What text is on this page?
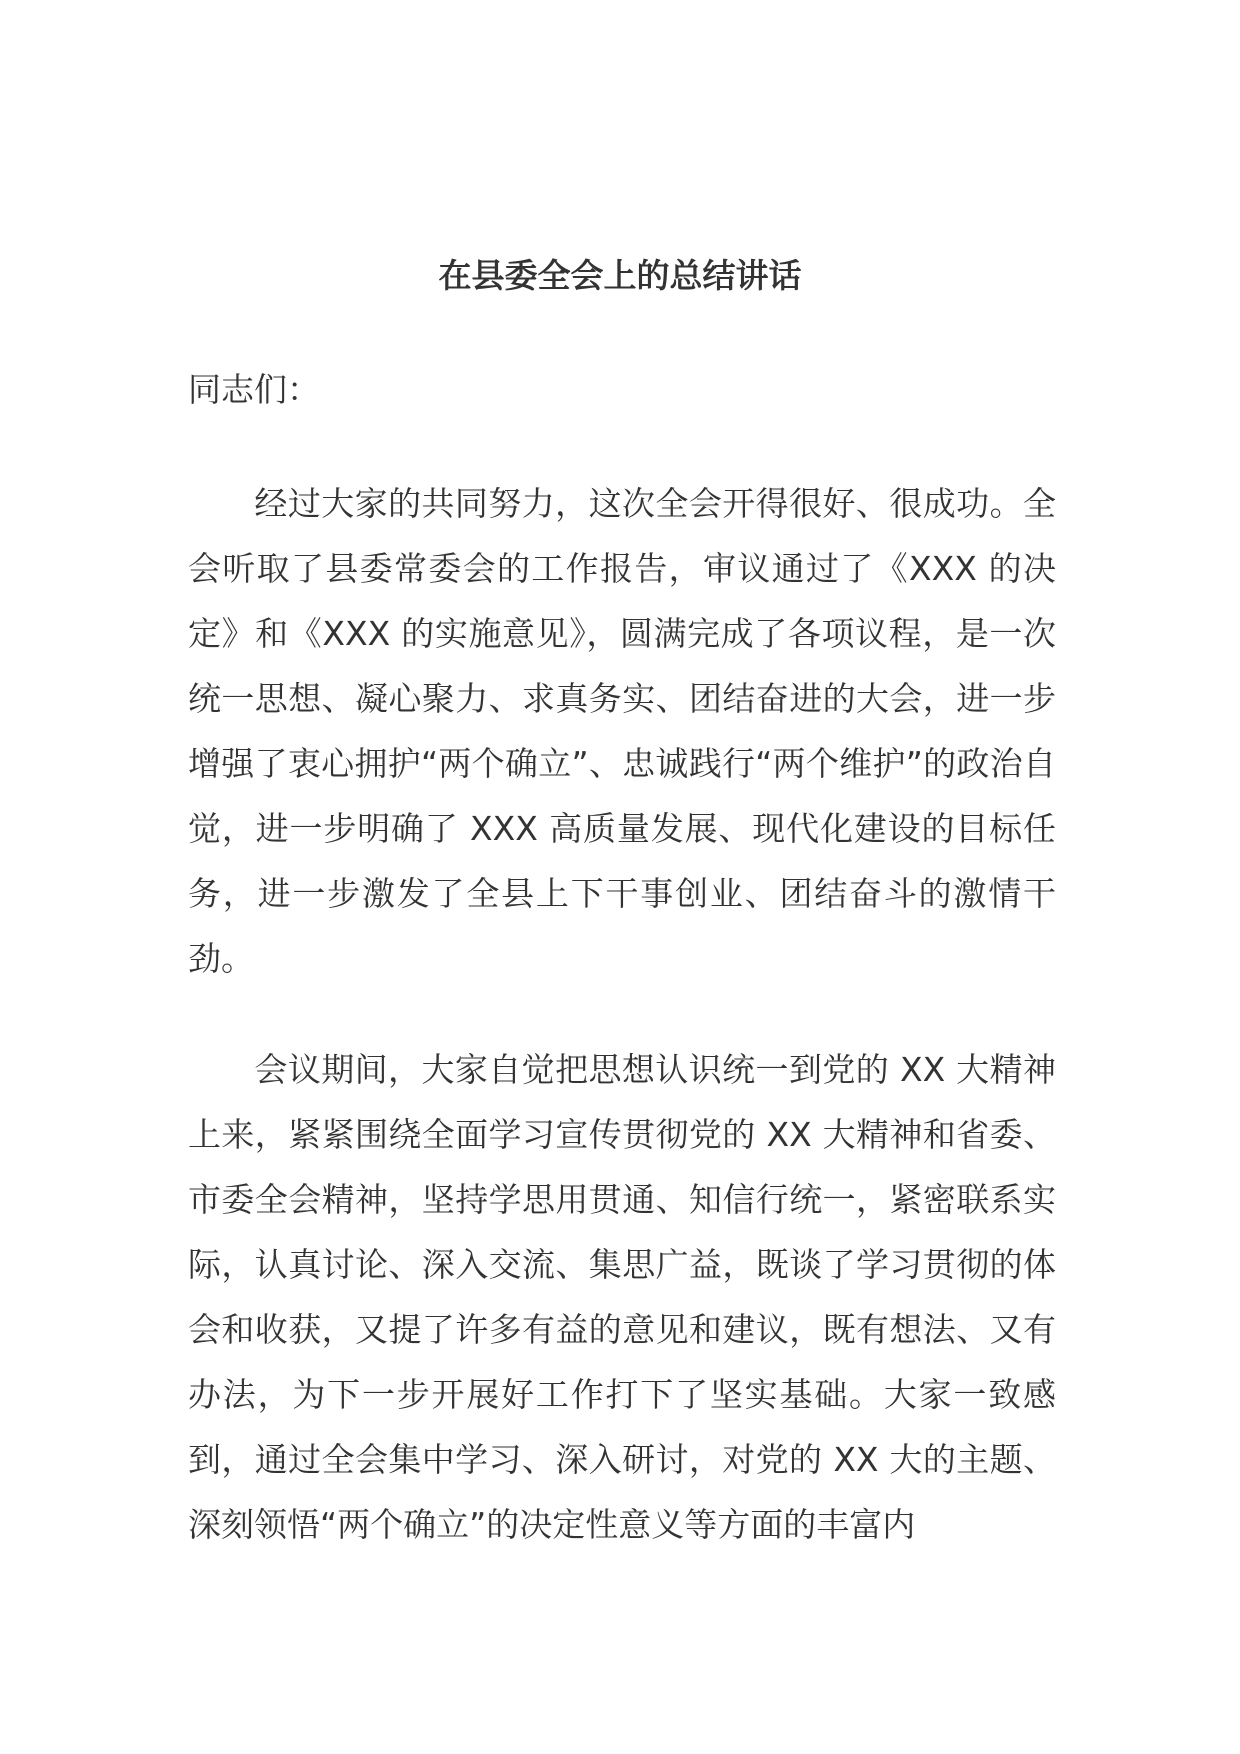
在县委全会上的总结讲话
同志们：

经过大家的共同努力，这次全会开得很好、很成功。全会听取了县委常委会的工作报告，审议通过了《XXX 的决定》和《XXX 的实施意见》，圆满完成了各项议程，是一次统一思想、凝心聚力、求真务实、团结奋进的大会，进一步增强了衷心拥护“两个确立”、忠诚践行“两个维护”的政治自觉，进一步明确了 XXX 高质量发展、现代化建设的目标任务，进一步激发了全县上下干事创业、团结奋斗的激情干劲。

会议期间，大家自觉把思想认识统一到党的 XX 大精神上来，紧紧围绕全面学习宣传贯彻党的 XX 大精神和省委、市委全会精神，坚持学思用贯通、知信行统一，紧密联系实际，认真讨论、深入交流、集思广益，既谈了学习贯彻的体会和收获，又提了许多有益的意见和建议，既有想法、又有办法，为下一步开展好工作打下了坚实基础。大家一致感到，通过全会集中学习、深入研讨，对党的 XX 大的主题、深刻领悟“两个确立”的决定性意义等方面的丰富内
